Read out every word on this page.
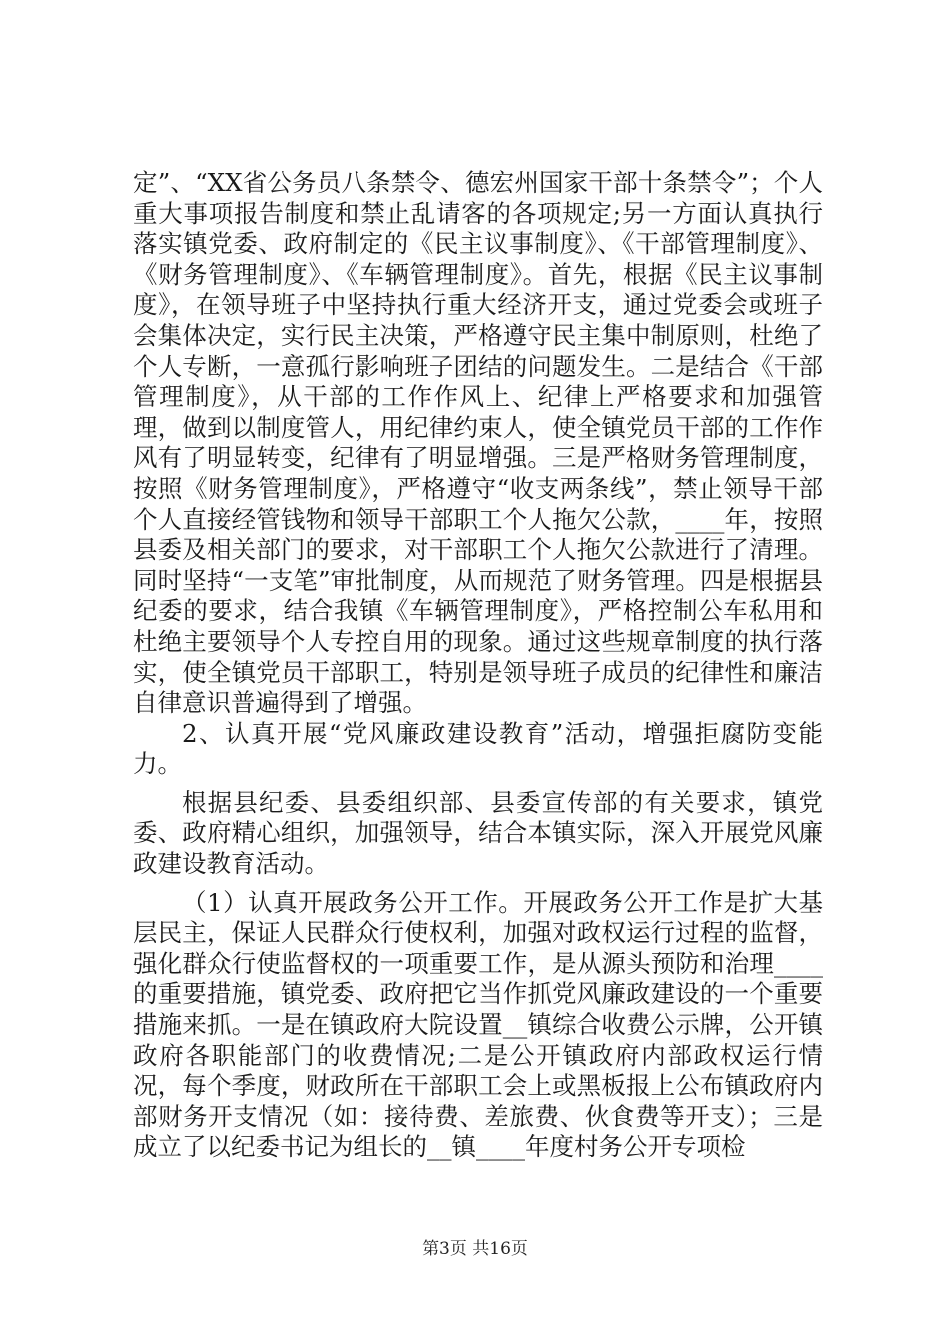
定”、“XX省公务员八条禁令、德宏州国家干部十条禁令”；个人重大事项报告制度和禁止乱请客的各项规定;另一方面认真执行落实镇党委、政府制定的《民主议事制度》、《干部管理制度》、《财务管理制度》、《车辆管理制度》。首先，根据《民主议事制度》，在领导班子中坚持执行重大经济开支，通过党委会或班子会集体决定，实行民主决策，严格遵守民主集中制原则，杜绝了个人专断，一意孤行影响班子团结的问题发生。二是结合《干部管理制度》，从干部的工作作风上、纪律上严格要求和加强管理，做到以制度管人，用纪律约束人，使全镇党员干部的工作作风有了明显转变，纪律有了明显增强。三是严格财务管理制度，按照《财务管理制度》，严格遵守“收支两条线”，禁止领导干部个人直接经管钱物和领导干部职工个人拖欠公款，____年，按照县委及相关部门的要求，对干部职工个人拖欠公款进行了清理。同时坚持“一支笔”审批制度，从而规范了财务管理。四是根据县纪委的要求，结合我镇《车辆管理制度》，严格控制公车私用和杜绝主要领导个人专控自用的现象。通过这些规章制度的执行落实，使全镇党员干部职工，特别是领导班子成员的纪律性和廉洁自律意识普遍得到了增强。

2、认真开展“党风廉政建设教育”活动，增强拒腐防变能力。

根据县纪委、县委组织部、县委宣传部的有关要求，镇党委、政府精心组织，加强领导，结合本镇实际，深入开展党风廉政建设教育活动。

（1）认真开展政务公开工作。开展政务公开工作是扩大基层民主，保证人民群众行使权利，加强对政权运行过程的监督，强化群众行使监督权的一项重要工作，是从源头预防和治理____的重要措施，镇党委、政府把它当作抓党风廉政建设的一个重要措施来抓。一是在镇政府大院设置__镇综合收费公示牌，公开镇政府各职能部门的收费情况;二是公开镇政府内部政权运行情况，每个季度，财政所在干部职工会上或黑板报上公布镇政府内部财务开支情况（如：接待费、差旅费、伙食费等开支）；三是成立了以纪委书记为组长的__镇____年度村务公开专项检

第3页 共16页
